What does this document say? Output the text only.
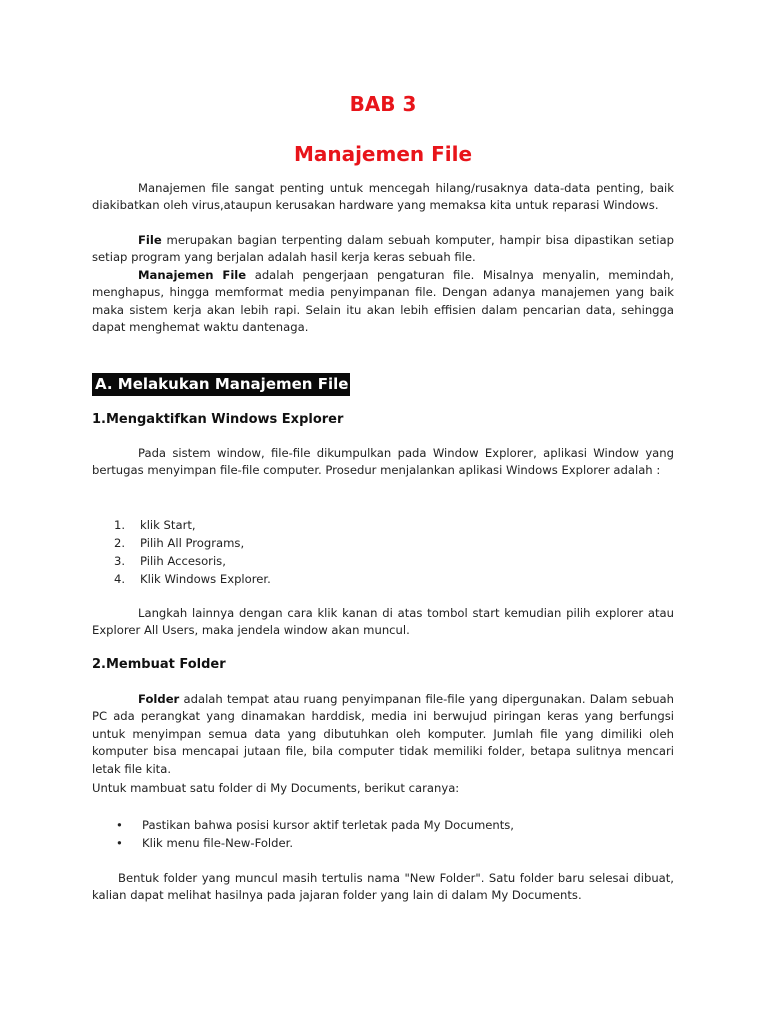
BAB 3
Manajemen File

Manajemen file sangat penting untuk mencegah hilang/rusaknya data-data penting, baik diakibatkan oleh virus,ataupun kerusakan hardware yang memaksa kita untuk reparasi Windows.

File merupakan bagian terpenting dalam sebuah komputer, hampir bisa dipastikan setiap setiap program yang berjalan adalah hasil kerja keras sebuah file.

Manajemen File adalah pengerjaan pengaturan file. Misalnya menyalin, memindah, menghapus, hingga memformat media penyimpanan file. Dengan adanya manajemen yang baik maka sistem kerja akan lebih rapi. Selain itu akan lebih effisien dalam pencarian data, sehingga dapat menghemat waktu dantenaga.

A. Melakukan Manajemen File
1.Mengaktifkan Windows Explorer

Pada sistem window, file-file dikumpulkan pada Window Explorer, aplikasi Window yang bertugas menyimpan file-file computer. Prosedur menjalankan aplikasi Windows Explorer adalah :

1. klik Start,
2. Pilih All Programs,
3. Pilih Accesoris,
4. Klik Windows Explorer.

Langkah lainnya dengan cara klik kanan di atas tombol start kemudian pilih explorer atau Explorer All Users, maka jendela window akan muncul.

2.Membuat Folder

Folder adalah tempat atau ruang penyimpanan file-file yang dipergunakan. Dalam sebuah PC ada perangkat yang dinamakan harddisk, media ini berwujud piringan keras yang berfungsi untuk menyimpan semua data yang dibutuhkan oleh komputer. Jumlah file yang dimiliki oleh komputer bisa mencapai jutaan file, bila computer tidak memiliki folder, betapa sulitnya mencari letak file kita.

Untuk mambuat satu folder di My Documents, berikut caranya:

• Pastikan bahwa posisi kursor aktif terletak pada My Documents,
• Klik menu file-New-Folder.

Bentuk folder yang muncul masih tertulis nama "New Folder". Satu folder baru selesai dibuat, kalian dapat melihat hasilnya pada jajaran folder yang lain di dalam My Documents.
